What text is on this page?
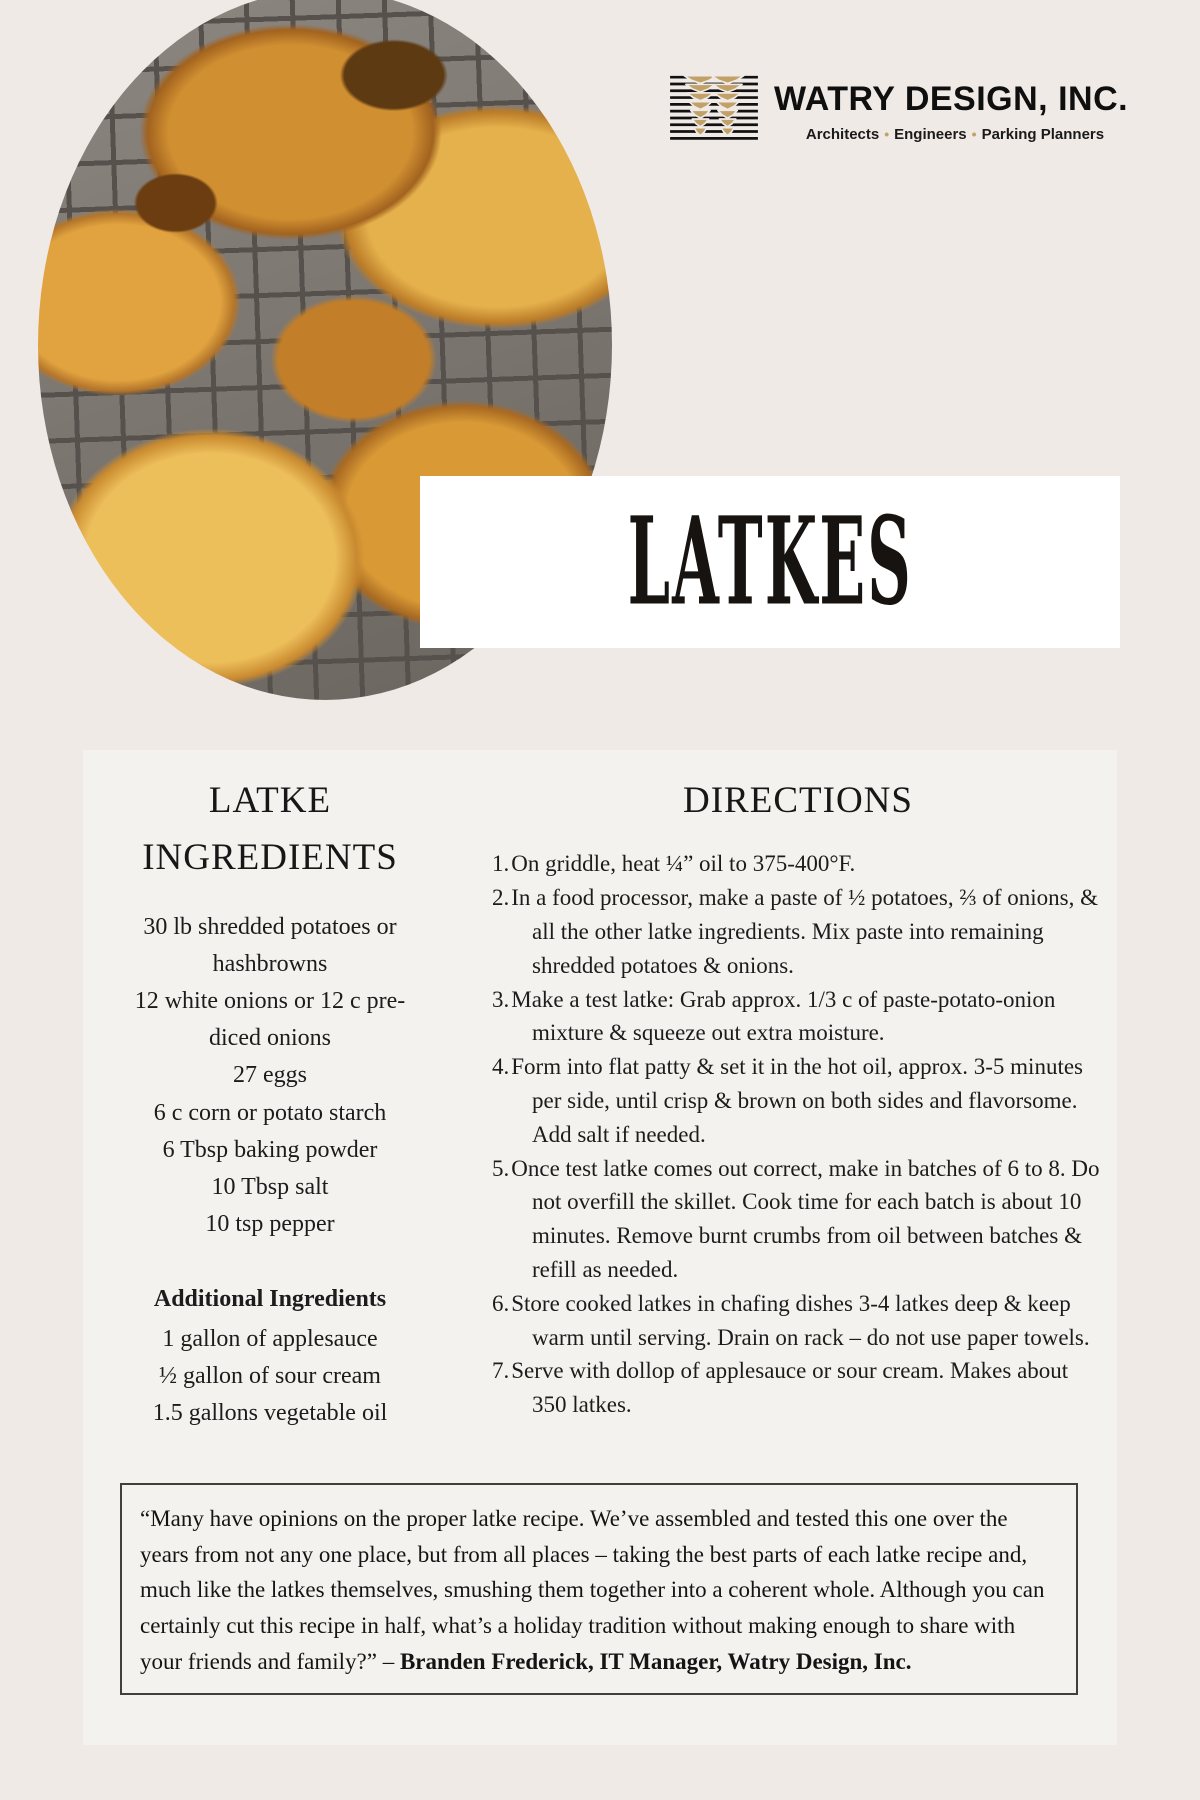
WATRY DESIGN, INC.
Architects • Engineers • Parking Planners
LATKES
LATKE INGREDIENTS
30 lb shredded potatoes or hashbrowns
12 white onions or 12 c pre-diced onions
27 eggs
6 c corn or potato starch
6 Tbsp baking powder
10 Tbsp salt
10 tsp pepper
Additional Ingredients
1 gallon of applesauce
½ gallon of sour cream
1.5 gallons vegetable oil
DIRECTIONS
On griddle, heat ¼” oil to 375-400°F.
In a food processor, make a paste of ½ potatoes, ⅔ of onions, & all the other latke ingredients. Mix paste into remaining shredded potatoes & onions.
Make a test latke: Grab approx. 1/3 c of paste-potato-onion mixture & squeeze out extra moisture.
Form into flat patty & set it in the hot oil, approx. 3-5 minutes per side, until crisp & brown on both sides and flavorsome. Add salt if needed.
Once test latke comes out correct, make in batches of 6 to 8. Do not overfill the skillet. Cook time for each batch is about 10 minutes. Remove burnt crumbs from oil between batches & refill as needed.
Store cooked latkes in chafing dishes 3-4 latkes deep & keep warm until serving. Drain on rack – do not use paper towels.
Serve with dollop of applesauce or sour cream. Makes about 350 latkes.
“Many have opinions on the proper latke recipe. We’ve assembled and tested this one over the years from not any one place, but from all places – taking the best parts of each latke recipe and, much like the latkes themselves, smushing them together into a coherent whole. Although you can certainly cut this recipe in half, what’s a holiday tradition without making enough to share with your friends and family?” – Branden Frederick, IT Manager, Watry Design, Inc.
